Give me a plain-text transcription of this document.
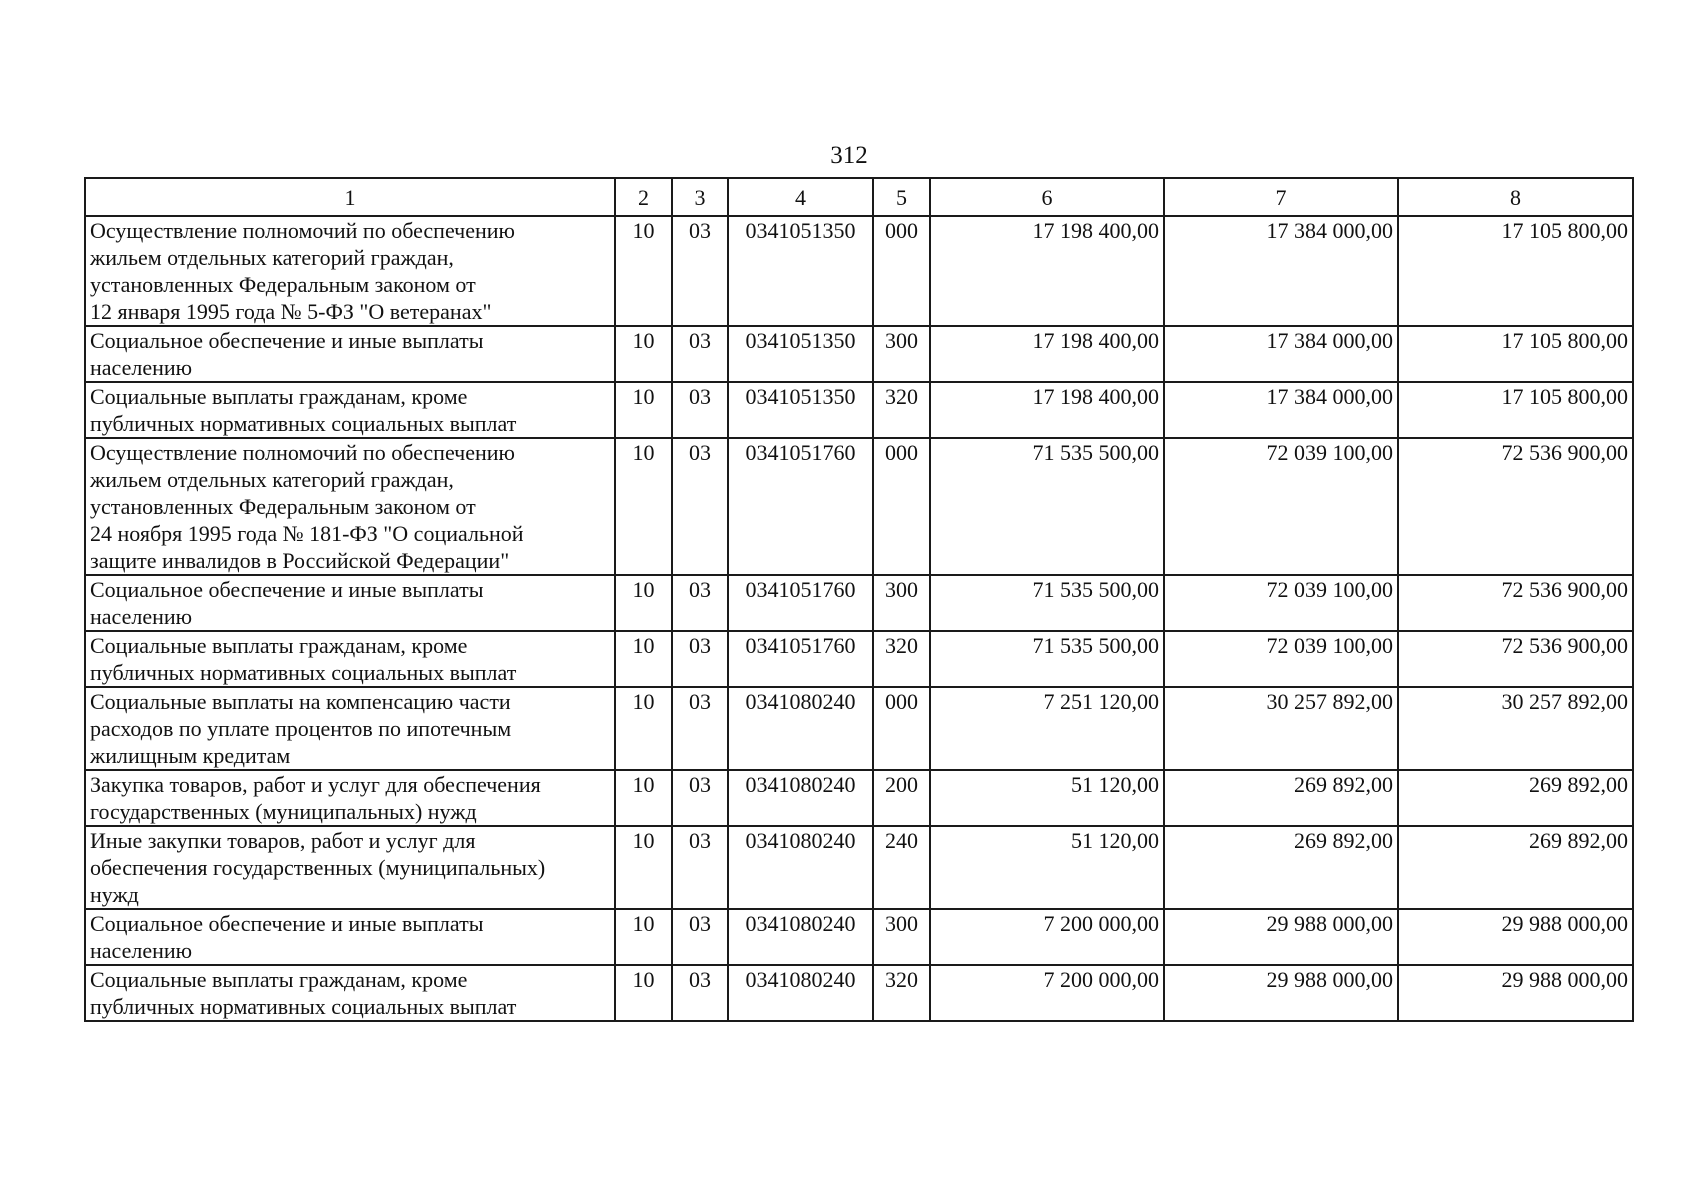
312
1	2	3	4	5	6	7	8

Осуществление полномочий по обеспечению
жильем отдельных категорий граждан,
установленных Федеральным законом от
12 января 1995 года № 5-ФЗ "О ветеранах"	10	03	0341051350	000	17 198 400,00	17 384 000,00	17 105 800,00

Социальное обеспечение и иные выплаты
населению	10	03	0341051350	300	17 198 400,00	17 384 000,00	17 105 800,00

Социальные выплаты гражданам, кроме
публичных нормативных социальных выплат	10	03	0341051350	320	17 198 400,00	17 384 000,00	17 105 800,00

Осуществление полномочий по обеспечению
жильем отдельных категорий граждан,
установленных Федеральным законом от
24 ноября 1995 года № 181-ФЗ "О социальной
защите инвалидов в Российской Федерации"	10	03	0341051760	000	71 535 500,00	72 039 100,00	72 536 900,00

Социальное обеспечение и иные выплаты
населению	10	03	0341051760	300	71 535 500,00	72 039 100,00	72 536 900,00

Социальные выплаты гражданам, кроме
публичных нормативных социальных выплат	10	03	0341051760	320	71 535 500,00	72 039 100,00	72 536 900,00

Социальные выплаты на компенсацию части
расходов по уплате процентов по ипотечным
жилищным кредитам	10	03	0341080240	000	7 251 120,00	30 257 892,00	30 257 892,00

Закупка товаров, работ и услуг для обеспечения
государственных (муниципальных) нужд	10	03	0341080240	200	51 120,00	269 892,00	269 892,00

Иные закупки товаров, работ и услуг для
обеспечения государственных (муниципальных)
нужд	10	03	0341080240	240	51 120,00	269 892,00	269 892,00

Социальное обеспечение и иные выплаты
населению	10	03	0341080240	300	7 200 000,00	29 988 000,00	29 988 000,00

Социальные выплаты гражданам, кроме
публичных нормативных социальных выплат	10	03	0341080240	320	7 200 000,00	29 988 000,00	29 988 000,00
